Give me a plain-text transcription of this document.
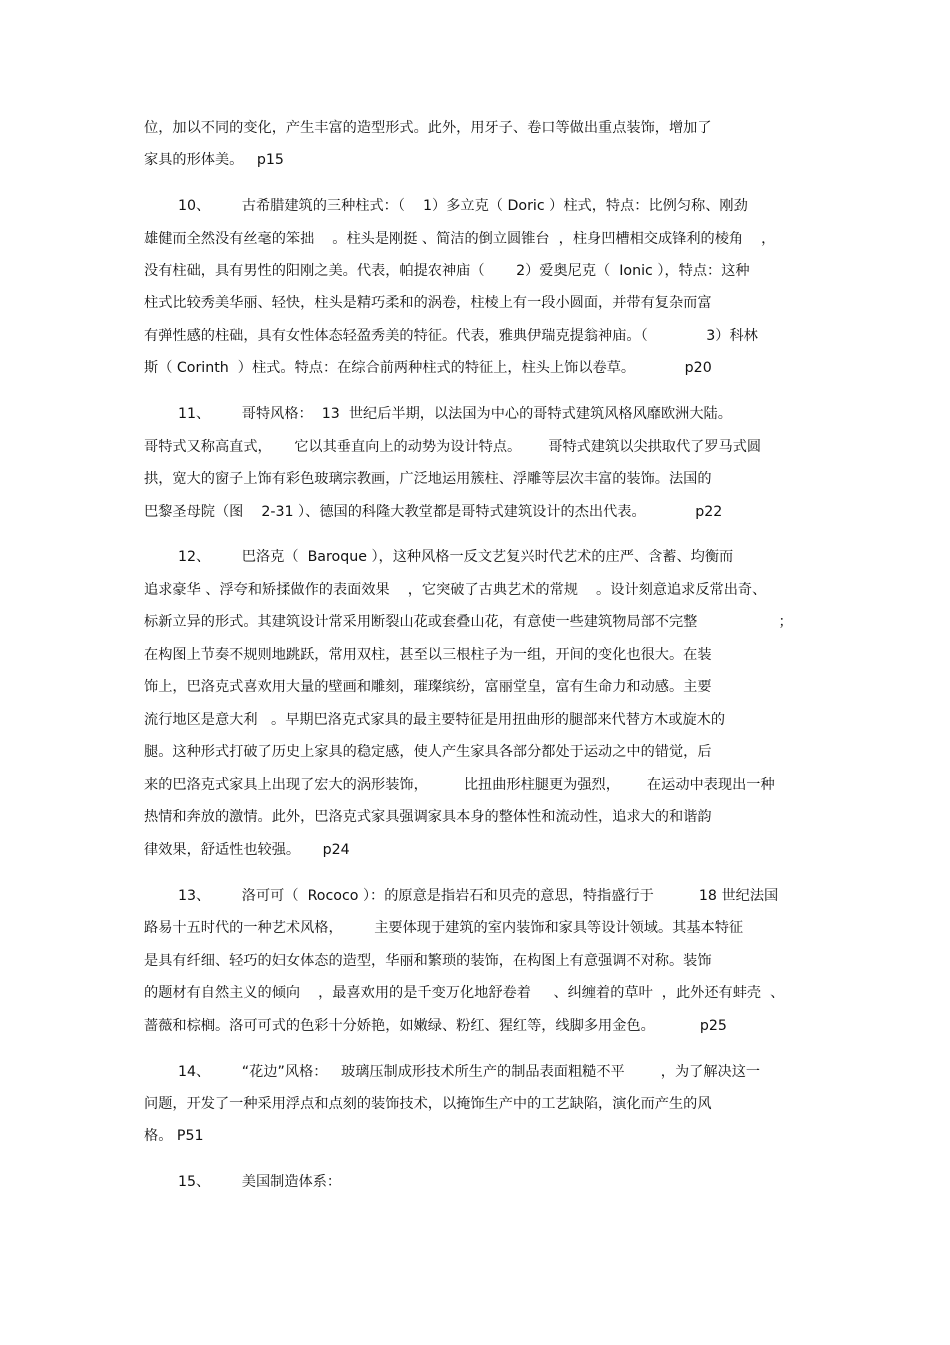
位，加以不同的变化，产生丰富的造型形式。此外，用牙子、卷口等做出重点装饰，增加了
家具的形体美。   p15
10、       古希腊建筑的三种柱式：（    1）多立克（ Doric ）柱式，特点：比例匀称、刚劲
雄健而全然没有丝毫的笨拙    。柱头是刚挺 、简洁的倒立圆锥台  ，柱身凹槽相交成锋利的棱角    ，
没有柱础，具有男性的阳刚之美。代表，帕提农神庙（       2）爱奥尼克（  Ionic ），特点：这种
柱式比较秀美华丽、轻快，柱头是精巧柔和的涡卷，柱棱上有一段小圆面，并带有复杂而富
有弹性感的柱础，具有女性体态轻盈秀美的特征。代表，雅典伊瑞克提翁神庙。（             3）科林
斯（ Corinth  ）柱式。特点：在综合前两种柱式的特征上，柱头上饰以卷草。           p20
11、       哥特风格：  13  世纪后半期，以法国为中心的哥特式建筑风格风靡欧洲大陆。
哥特式又称高直式，     它以其垂直向上的动势为设计特点。      哥特式建筑以尖拱取代了罗马式圆
拱，宽大的窗子上饰有彩色玻璃宗教画，广泛地运用簇柱、浮雕等层次丰富的装饰。法国的
巴黎圣母院（图    2-31 ）、德国的科隆大教堂都是哥特式建筑设计的杰出代表。           p22
12、       巴洛克（  Baroque ），这种风格一反文艺复兴时代艺术的庄严、含蓄、均衡而
追求豪华 、浮夸和矫揉做作的表面效果    ，它突破了古典艺术的常规    。设计刻意追求反常出奇、
标新立异的形式。其建筑设计常采用断裂山花或套叠山花，有意使一些建筑物局部不完整                  ；
在构图上节奏不规则地跳跃，常用双柱，甚至以三根柱子为一组，开间的变化也很大。在装
饰上，巴洛克式喜欢用大量的壁画和雕刻，璀璨缤纷，富丽堂皇，富有生命力和动感。主要
流行地区是意大利   。早期巴洛克式家具的最主要特征是用扭曲形的腿部来代替方木或旋木的
腿。这种形式打破了历史上家具的稳定感，使人产生家具各部分都处于运动之中的错觉，后
来的巴洛克式家具上出现了宏大的涡形装饰，        比扭曲形柱腿更为强烈，      在运动中表现出一种
热情和奔放的激情。此外，巴洛克式家具强调家具本身的整体性和流动性，追求大的和谐韵
律效果，舒适性也较强。     p24
13、       洛可可（  Rococo ）：的原意是指岩石和贝壳的意思，特指盛行于          18 世纪法国
路易十五时代的一种艺术风格，       主要体现于建筑的室内装饰和家具等设计领域。其基本特征
是具有纤细、轻巧的妇女体态的造型，华丽和繁琐的装饰，在构图上有意强调不对称。装饰
的题材有自然主义的倾向    ，最喜欢用的是千变万化地舒卷着     、纠缠着的草叶  ，此外还有蚌壳  、
蔷薇和棕榈。洛可可式的色彩十分娇艳，如嫩绿、粉红、猩红等，线脚多用金色。          p25
14、       “花边”风格：   玻璃压制成形技术所生产的制品表面粗糙不平        ，为了解决这一
问题，开发了一种采用浮点和点刻的装饰技术，以掩饰生产中的工艺缺陷，演化而产生的风
格。 P51
15、       美国制造体系：
